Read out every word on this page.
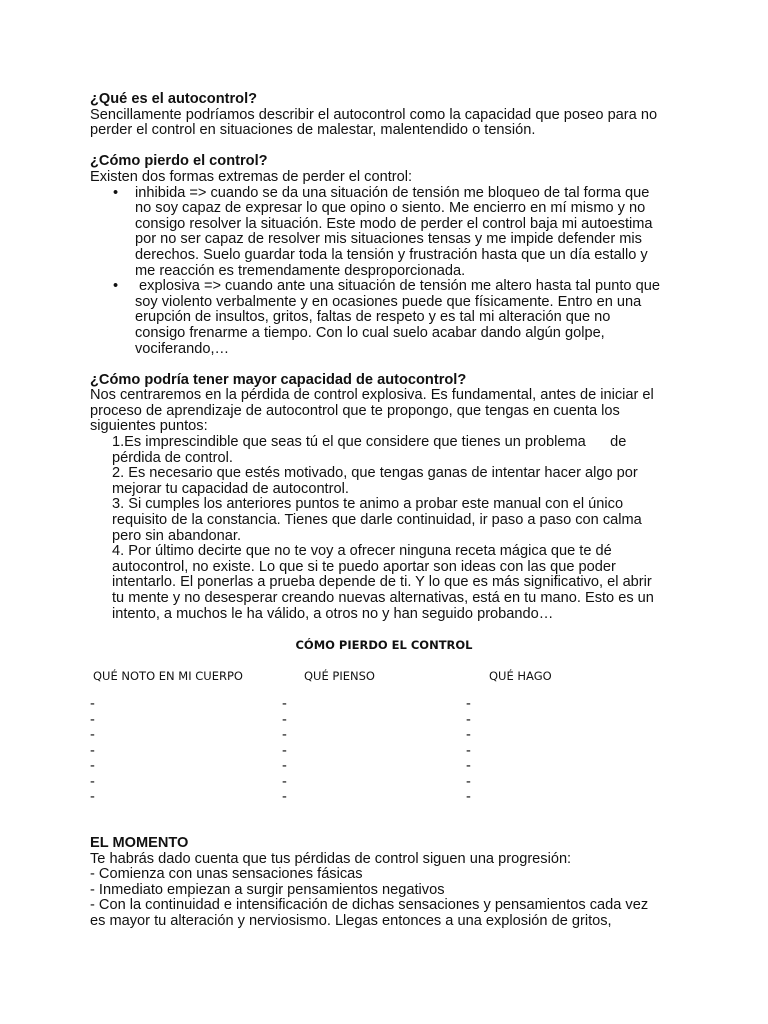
¿Qué es el autocontrol?
Sencillamente podríamos describir el autocontrol como la capacidad que poseo para no
perder el control en situaciones de malestar, malentendido o tensión.
¿Cómo pierdo el control?
Existen dos formas extremas de perder el control:
• inhibida => cuando se da una situación de tensión me bloqueo de tal forma que
no soy capaz de expresar lo que opino o siento. Me encierro en mí mismo y no
consigo resolver la situación. Este modo de perder el control baja mi autoestima
por no ser capaz de resolver mis situaciones tensas y me impide defender mis
derechos. Suelo guardar toda la tensión y frustración hasta que un día estallo y
me reacción es tremendamente desproporcionada.
• explosiva => cuando ante una situación de tensión me altero hasta tal punto que
soy violento verbalmente y en ocasiones puede que físicamente. Entro en una
erupción de insultos, gritos, faltas de respeto y es tal mi alteración que no
consigo frenarme a tiempo. Con lo cual suelo acabar dando algún golpe,
vociferando,…
¿Cómo podría tener mayor capacidad de autocontrol?
Nos centraremos en la pérdida de control explosiva. Es fundamental, antes de iniciar el
proceso de aprendizaje de autocontrol que te propongo, que tengas en cuenta los
siguientes puntos:
1.Es imprescindible que seas tú el que considere que tienes un problema      de
pérdida de control.
2. Es necesario que estés motivado, que tengas ganas de intentar hacer algo por
mejorar tu capacidad de autocontrol.
3. Si cumples los anteriores puntos te animo a probar este manual con el único
requisito de la constancia. Tienes que darle continuidad, ir paso a paso con calma
pero sin abandonar.
4. Por último decirte que no te voy a ofrecer ninguna receta mágica que te dé
autocontrol, no existe. Lo que si te puedo aportar son ideas con las que poder
intentarlo. El ponerlas a prueba depende de ti. Y lo que es más significativo, el abrir
tu mente y no desesperar creando nuevas alternativas, está en tu mano. Esto es un
intento, a muchos le ha válido, a otros no y han seguido probando…
CÓMO PIERDO EL CONTROL
QUÉ NOTO EN MI CUERPO	QUÉ PIENSO	QUÉ HAGO
-	-	-
-	-	-
-	-	-
-	-	-
-	-	-
-	-	-
-	-	-
EL MOMENTO
Te habrás dado cuenta que tus pérdidas de control siguen una progresión:
- Comienza con unas sensaciones fásicas
- Inmediato empiezan a surgir pensamientos negativos
- Con la continuidad e intensificación de dichas sensaciones y pensamientos cada vez
es mayor tu alteración y nerviosismo. Llegas entonces a una explosión de gritos,
